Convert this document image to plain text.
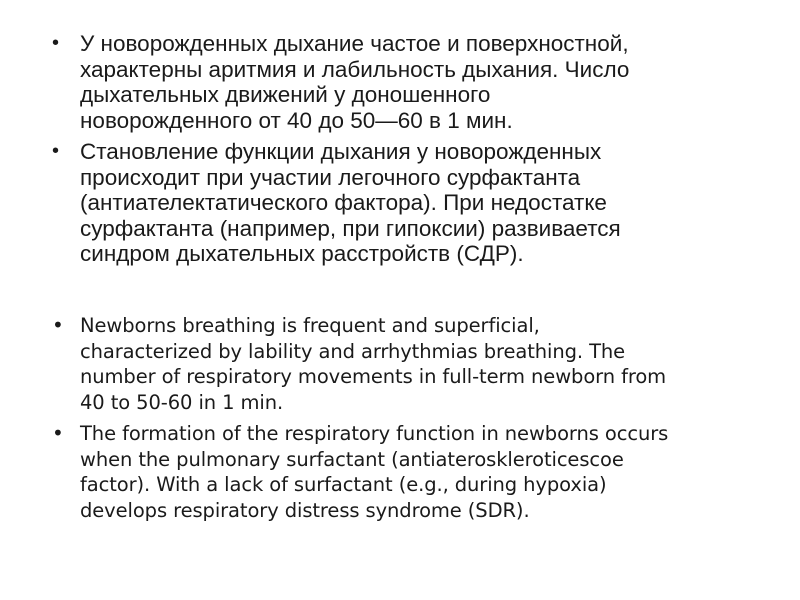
• У новорожденных дыхание частое и поверхностной,
характерны аритмия и лабильность дыхания. Число
дыхательных движений у доношенного
новорожденного от 40 до 50—60 в 1 мин.
• Становление функции дыхания у новорожденных
происходит при участии легочного сурфактанта
(антиателектатического фактора). При недостатке
сурфактанта (например, при гипоксии) развивается
синдром дыхательных расстройств (СДР).
• Newborns breathing is frequent and superficial,
characterized by lability and arrhythmias breathing. The
number of respiratory movements in full-term newborn from
40 to 50-60 in 1 min.
• The formation of the respiratory function in newborns occurs
when the pulmonary surfactant (antiateroskleroticescoe
factor). With a lack of surfactant (e.g., during hypoxia)
develops respiratory distress syndrome (SDR).
